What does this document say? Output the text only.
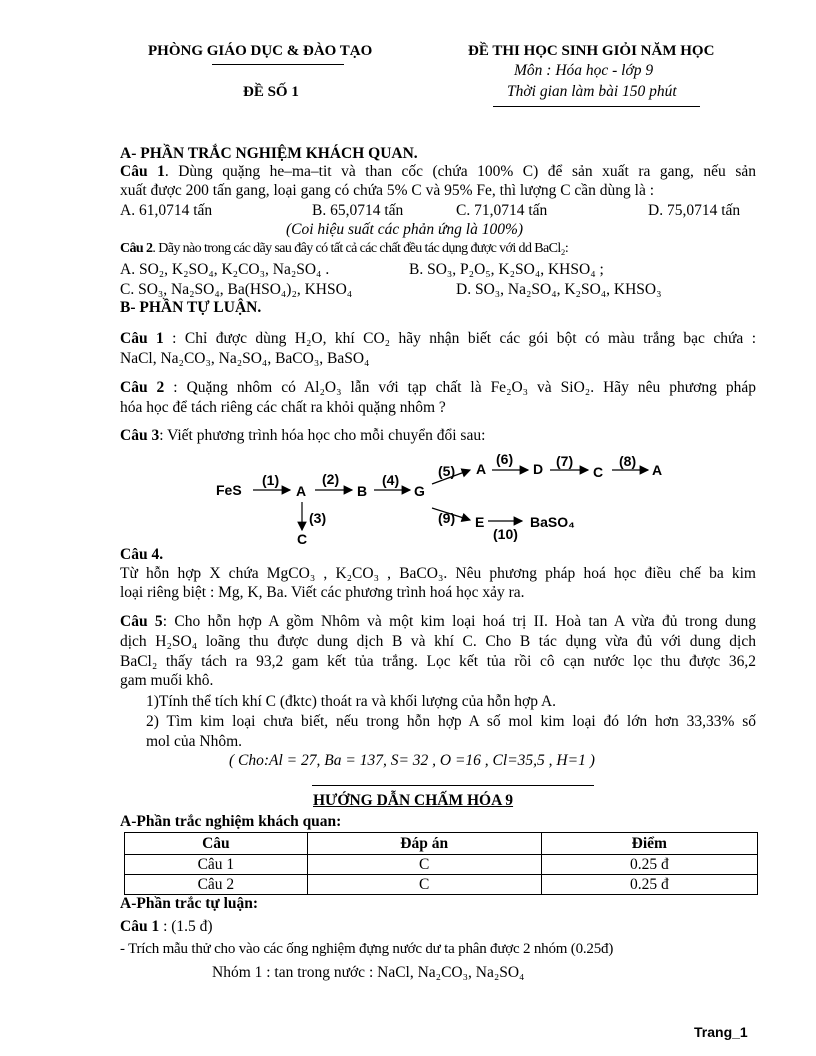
PHÒNG GIÁO DỤC & ĐÀO TẠO
ĐỀ SỐ 1
ĐỀ THI HỌC SINH GIỎI NĂM HỌC
Môn : Hóa học - lớp 9
Thời gian làm bài 150 phút
A- PHẦN TRẮC NGHIỆM KHÁCH QUAN.
Câu 1. Dùng quặng he–ma–tit và than cốc (chứa 100% C) để sản xuất ra gang, nếu sản
xuất được 200 tấn gang, loại gang có chứa 5% C và 95% Fe, thì lượng C cần dùng là :
A. 61,0714 tấn	B. 65,0714 tấn	C. 71,0714 tấn	D. 75,0714 tấn
(Coi hiệu suất các phản ứng là 100%)
Câu 2. Dãy nào trong các dãy sau đây có tất cả các chất đều tác dụng được với dd BaCl₂:
A. SO₂, K₂SO₄, K₂CO₃, Na₂SO₄ .	B. SO₃, P₂O₅, K₂SO₄, KHSO₄ ;
C. SO₃, Na₂SO₄, Ba(HSO₄)₂, KHSO₄	D. SO₃, Na₂SO₄, K₂SO₄, KHSO₃
B- PHẦN TỰ LUẬN.
Câu 1 : Chỉ được dùng H₂O, khí CO₂ hãy nhận biết các gói bột có màu trắng bạc chứa :
NaCl, Na₂CO₃, Na₂SO₄, BaCO₃, BaSO₄
Câu 2 : Quặng nhôm có Al₂O₃ lẫn với tạp chất là Fe₂O₃ và SiO₂. Hãy nêu phương pháp
hóa học để tách riêng các chất ra khỏi quặng nhôm ?
Câu 3: Viết phương trình hóa học cho mỗi chuyển đổi sau:
FeS	A	B	G
C
A	D	C	A
E	BaSO₄
(1)	(2)	(4)
(3)
(5)
(6)	(7)	(8)
(9)
(10)
Câu 4.
Từ hỗn hợp X chứa MgCO₃ , K₂CO₃ , BaCO₃. Nêu phương pháp hoá học điều chế ba kim
loại riêng biệt : Mg, K, Ba. Viết các phương trình hoá học xảy ra.
Câu 5: Cho hỗn hợp A gồm Nhôm và một kim loại hoá trị II. Hoà tan A vừa đủ trong dung
dịch H₂SO₄ loãng thu được dung dịch B và khí C. Cho B tác dụng vừa đủ với dung dịch
BaCl₂ thấy tách ra 93,2 gam kết tủa trắng. Lọc kết tủa rồi cô cạn nước lọc thu được 36,2
gam muối khô.
1)Tính thể tích khí C (đktc) thoát ra và khối lượng của hỗn hợp A.
2) Tìm kim loại chưa biết, nếu trong hỗn hợp A số mol kim loại đó lớn hơn 33,33% số
mol của Nhôm.
( Cho:Al = 27, Ba = 137, S= 32 , O =16 , Cl=35,5 , H=1 )
HƯỚNG DẪN CHẤM HÓA 9
A-Phần trắc nghiệm khách quan:
Câu	Đáp án	Điểm
Câu 1	C	0.25 đ
Câu 2	C	0.25 đ
A-Phần trắc tự luận:
Câu 1 : (1.5 đ)
- Trích mẫu thử cho vào các ống nghiệm đựng nước dư ta phân được 2 nhóm (0.25đ)
Nhóm 1 : tan trong nước : NaCl, Na₂CO₃, Na₂SO₄
Trang_1
